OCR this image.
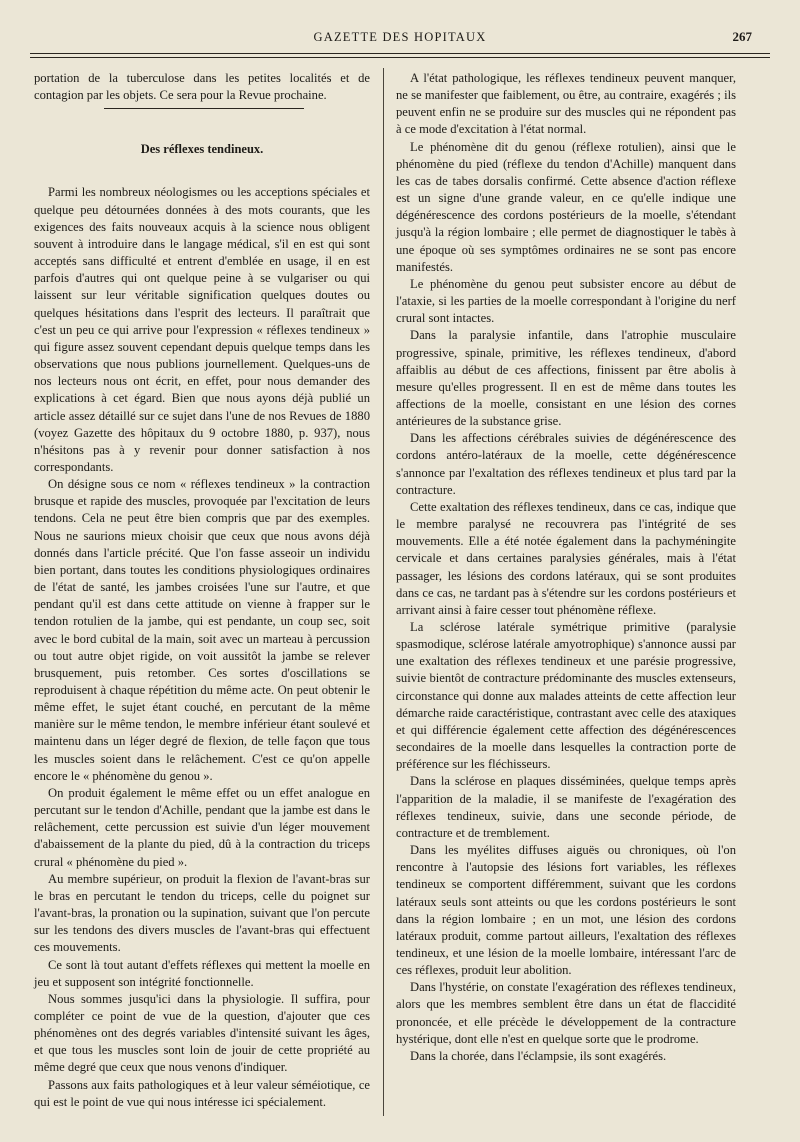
GAZETTE DES HOPITAUX	267

portation de la tuberculose dans les petites localités et de contagion par les objets. Ce sera pour la Revue prochaine.

Des réflexes tendineux.

Parmi les nombreux néologismes ou les acceptions spéciales et quelque peu détournées données à des mots courants, que les exigences des faits nouveaux acquis à la science nous obligent souvent à introduire dans le langage médical, s'il en est qui sont acceptés sans difficulté et entrent d'emblée en usage, il en est parfois d'autres qui ont quelque peine à se vulgariser ou qui laissent sur leur véritable signification quelques doutes ou quelques hésitations dans l'esprit des lecteurs. Il paraîtrait que c'est un peu ce qui arrive pour l'expression « réflexes tendineux » qui figure assez souvent cependant depuis quelque temps dans les observations que nous publions journellement. Quelques-uns de nos lecteurs nous ont écrit, en effet, pour nous demander des explications à cet égard. Bien que nous ayons déjà publié un article assez détaillé sur ce sujet dans l'une de nos Revues de 1880 (voyez Gazette des hôpitaux du 9 octobre 1880, p. 937), nous n'hésitons pas à y revenir pour donner satisfaction à nos correspondants.

On désigne sous ce nom « réflexes tendineux » la contraction brusque et rapide des muscles, provoquée par l'excitation de leurs tendons. Cela ne peut être bien compris que par des exemples. Nous ne saurions mieux choisir que ceux que nous avons déjà donnés dans l'article précité. Que l'on fasse asseoir un individu bien portant, dans toutes les conditions physiologiques ordinaires de l'état de santé, les jambes croisées l'une sur l'autre, et que pendant qu'il est dans cette attitude on vienne à frapper sur le tendon rotulien de la jambe, qui est pendante, un coup sec, soit avec le bord cubital de la main, soit avec un marteau à percussion ou tout autre objet rigide, on voit aussitôt la jambe se relever brusquement, puis retomber. Ces sortes d'oscillations se reproduisent à chaque répétition du même acte. On peut obtenir le même effet, le sujet étant couché, en percutant de la même manière sur le même tendon, le membre inférieur étant soulevé et maintenu dans un léger degré de flexion, de telle façon que tous les muscles soient dans le relâchement. C'est ce qu'on appelle encore le « phénomène du genou ».

On produit également le même effet ou un effet analogue en percutant sur le tendon d'Achille, pendant que la jambe est dans le relâchement, cette percussion est suivie d'un léger mouvement d'abaissement de la plante du pied, dû à la contraction du triceps crural « phénomène du pied ».

Au membre supérieur, on produit la flexion de l'avant-bras sur le bras en percutant le tendon du triceps, celle du poignet sur l'avant-bras, la pronation ou la supination, suivant que l'on percute sur les tendons des divers muscles de l'avant-bras qui effectuent ces mouvements.

Ce sont là tout autant d'effets réflexes qui mettent la moelle en jeu et supposent son intégrité fonctionnelle.

Nous sommes jusqu'ici dans la physiologie. Il suffira, pour compléter ce point de vue de la question, d'ajouter que ces phénomènes ont des degrés variables d'intensité suivant les âges, et que tous les muscles sont loin de jouir de cette propriété au même degré que ceux que nous venons d'indiquer.

Passons aux faits pathologiques et à leur valeur séméiotique, ce qui est le point de vue qui nous intéresse ici spécialement.

A l'état pathologique, les réflexes tendineux peuvent manquer, ne se manifester que faiblement, ou être, au contraire, exagérés ; ils peuvent enfin ne se produire sur des muscles qui ne répondent pas à ce mode d'excitation à l'état normal.

Le phénomène dit du genou (réflexe rotulien), ainsi que le phénomène du pied (réflexe du tendon d'Achille) manquent dans les cas de tabes dorsalis confirmé. Cette absence d'action réflexe est un signe d'une grande valeur, en ce qu'elle indique une dégénérescence des cordons postérieurs de la moelle, s'étendant jusqu'à la région lombaire ; elle permet de diagnostiquer le tabès à une époque où ses symptômes ordinaires ne se sont pas encore manifestés.

Le phénomène du genou peut subsister encore au début de l'ataxie, si les parties de la moelle correspondant à l'origine du nerf crural sont intactes.

Dans la paralysie infantile, dans l'atrophie musculaire progressive, spinale, primitive, les réflexes tendineux, d'abord affaiblis au début de ces affections, finissent par être abolis à mesure qu'elles progressent. Il en est de même dans toutes les affections de la moelle, consistant en une lésion des cornes antérieures de la substance grise.

Dans les affections cérébrales suivies de dégénérescence des cordons antéro-latéraux de la moelle, cette dégénérescence s'annonce par l'exaltation des réflexes tendineux et plus tard par la contracture.

Cette exaltation des réflexes tendineux, dans ce cas, indique que le membre paralysé ne recouvrera pas l'intégrité de ses mouvements. Elle a été notée également dans la pachyméningite cervicale et dans certaines paralysies générales, mais à l'état passager, les lésions des cordons latéraux, qui se sont produites dans ce cas, ne tardant pas à s'étendre sur les cordons postérieurs et arrivant ainsi à faire cesser tout phénomène réflexe.

La sclérose latérale symétrique primitive (paralysie spasmodique, sclérose latérale amyotrophique) s'annonce aussi par une exaltation des réflexes tendineux et une parésie progressive, suivie bientôt de contracture prédominante des muscles extenseurs, circonstance qui donne aux malades atteints de cette affection leur démarche raide caractéristique, contrastant avec celle des ataxiques et qui différencie également cette affection des dégénérescences secondaires de la moelle dans lesquelles la contraction porte de préférence sur les fléchisseurs.

Dans la sclérose en plaques disséminées, quelque temps après l'apparition de la maladie, il se manifeste de l'exagération des réflexes tendineux, suivie, dans une seconde période, de contracture et de tremblement.

Dans les myélites diffuses aiguës ou chroniques, où l'on rencontre à l'autopsie des lésions fort variables, les réflexes tendineux se comportent différemment, suivant que les cordons latéraux seuls sont atteints ou que les cordons postérieurs le sont dans la région lombaire ; en un mot, une lésion des cordons latéraux produit, comme partout ailleurs, l'exaltation des réflexes tendineux, et une lésion de la moelle lombaire, intéressant l'arc de ces réflexes, produit leur abolition.

Dans l'hystérie, on constate l'exagération des réflexes tendineux, alors que les membres semblent être dans un état de flaccidité prononcée, et elle précède le développement de la contracture hystérique, dont elle n'est en quelque sorte que le prodrome.

Dans la chorée, dans l'éclampsie, ils sont exagérés.
